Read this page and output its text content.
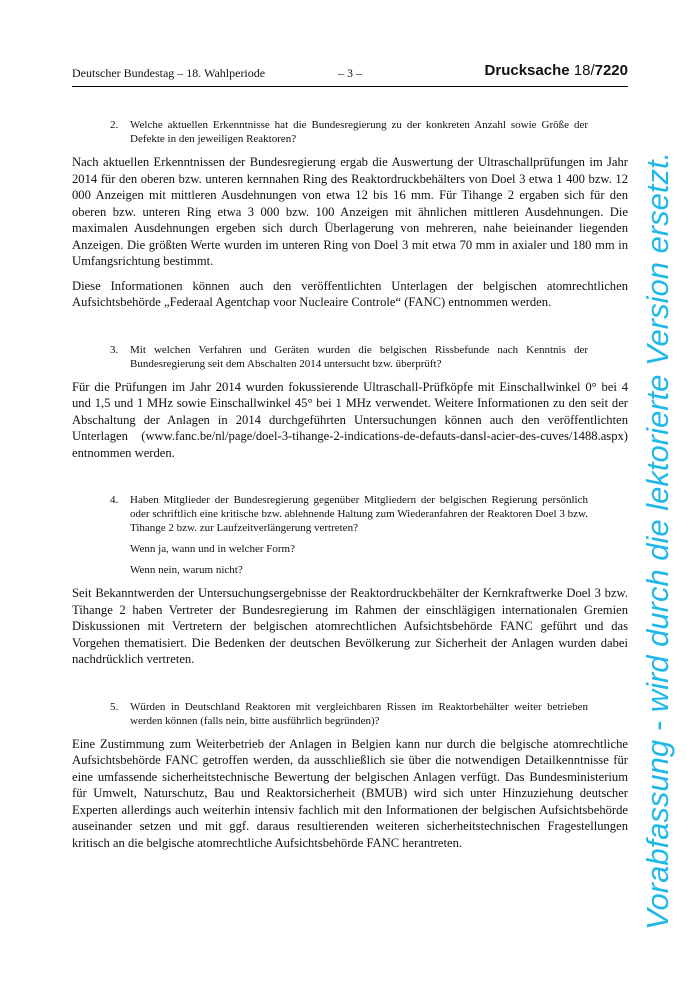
Deutscher Bundestag – 18. Wahlperiode	– 3 –	Drucksache 18/7220
2. Welche aktuellen Erkenntnisse hat die Bundesregierung zu der konkreten Anzahl sowie Größe der Defekte in den jeweiligen Reaktoren?

Nach aktuellen Erkenntnissen der Bundesregierung ergab die Auswertung der Ultraschallprüfungen im Jahr 2014 für den oberen bzw. unteren kernnahen Ring des Reaktordruckbehälters von Doel 3 etwa 1 400 bzw. 12 000 Anzeigen mit mittleren Ausdehnungen von etwa 12 bis 16 mm. Für Tihange 2 ergaben sich für den oberen bzw. unteren Ring etwa 3 000 bzw. 100 Anzeigen mit ähnlichen mittleren Ausdehnungen. Die maximalen Ausdehnungen ergeben sich durch Überlagerung von mehreren, nahe beieinander liegenden Anzeigen. Die größten Werte wurden im unteren Ring von Doel 3 mit etwa 70 mm in axialer und 180 mm in Umfangsrichtung bestimmt.

Diese Informationen können auch den veröffentlichten Unterlagen der belgischen atomrechtlichen Aufsichtsbehörde „Federaal Agentchap voor Nucleaire Controle“ (FANC) entnommen werden.

3. Mit welchen Verfahren und Geräten wurden die belgischen Rissbefunde nach Kenntnis der Bundesregierung seit dem Abschalten 2014 untersucht bzw. überprüft?

Für die Prüfungen im Jahr 2014 wurden fokussierende Ultraschall-Prüfköpfe mit Einschallwinkel 0° bei 4 und 1,5 und 1 MHz sowie Einschallwinkel 45° bei 1 MHz verwendet. Weitere Informationen zu den seit der Abschaltung der Anlagen in 2014 durchgeführten Untersuchungen können auch den veröffentlichten Unterlagen (www.fanc.be/nl/page/doel-3-tihange-2-indications-de-defauts-dansl-acier-des-cuves/1488.aspx) entnommen werden.

4. Haben Mitglieder der Bundesregierung gegenüber Mitgliedern der belgischen Regierung persönlich oder schriftlich eine kritische bzw. ablehnende Haltung zum Wiederanfahren der Reaktoren Doel 3 bzw. Tihange 2 bzw. zur Laufzeitverlängerung vertreten?

Wenn ja, wann und in welcher Form?

Wenn nein, warum nicht?

Seit Bekanntwerden der Untersuchungsergebnisse der Reaktordruckbehälter der Kernkraftwerke Doel 3 bzw. Tihange 2 haben Vertreter der Bundesregierung im Rahmen der einschlägigen internationalen Gremien Diskussionen mit Vertretern der belgischen atomrechtlichen Aufsichtsbehörde FANC geführt und das Vorgehen thematisiert. Die Bedenken der deutschen Bevölkerung zur Sicherheit der Anlagen wurden dabei nachdrücklich vertreten.

5. Würden in Deutschland Reaktoren mit vergleichbaren Rissen im Reaktorbehälter weiter betrieben werden können (falls nein, bitte ausführlich begründen)?

Eine Zustimmung zum Weiterbetrieb der Anlagen in Belgien kann nur durch die belgische atomrechtliche Aufsichtsbehörde FANC getroffen werden, da ausschließlich sie über die notwendigen Detailkenntnisse für eine umfassende sicherheitstechnische Bewertung der belgischen Anlagen verfügt. Das Bundesministerium für Umwelt, Naturschutz, Bau und Reaktorsicherheit (BMUB) wird sich unter Hinzuziehung deutscher Experten allerdings auch weiterhin intensiv fachlich mit den Informationen der belgischen Aufsichtsbehörde auseinander setzen und mit ggf. daraus resultierenden weiteren sicherheitstechnischen Fragestellungen kritisch an die belgische atomrechtliche Aufsichtsbehörde FANC herantreten.	Vorabfassung - wird durch die lektorierte Version ersetzt.
